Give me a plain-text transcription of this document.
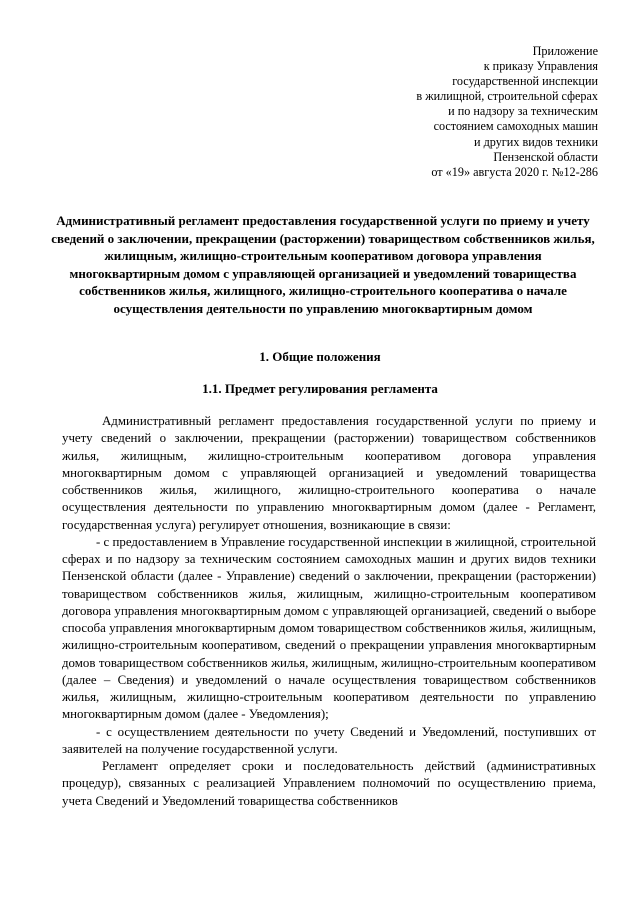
Приложение
к приказу Управления
государственной инспекции
в жилищной, строительной сферах
и по надзору за техническим
состоянием самоходных машин
и других видов техники
Пензенской области
от «19» августа 2020 г. №12-286
Административный регламент предоставления государственной услуги по приему и учету сведений о заключении, прекращении (расторжении) товариществом собственников жилья, жилищным, жилищно-строительным кооперативом договора управления многоквартирным домом с управляющей организацией и уведомлений товарищества собственников жилья, жилищного, жилищно-строительного кооператива о начале осуществления деятельности по управлению многоквартирным домом
1. Общие положения
1.1. Предмет регулирования регламента

Административный регламент предоставления государственной услуги по приему и учету сведений о заключении, прекращении (расторжении) товариществом собственников жилья, жилищным, жилищно-строительным кооперативом договора управления многоквартирным домом с управляющей организацией и уведомлений товарищества собственников жилья, жилищного, жилищно-строительного кооператива о начале осуществления деятельности по управлению многоквартирным домом (далее - Регламент, государственная услуга) регулирует отношения, возникающие в связи:

- с предоставлением в Управление государственной инспекции в жилищной, строительной сферах и по надзору за техническим состоянием самоходных машин и других видов техники Пензенской области (далее - Управление) сведений о заключении, прекращении (расторжении) товариществом собственников жилья, жилищным, жилищно-строительным кооперативом договора управления многоквартирным домом с управляющей организацией, сведений о выборе способа управления многоквартирным домом товариществом собственников жилья, жилищным, жилищно-строительным кооперативом, сведений о прекращении управления многоквартирным домов товариществом собственников жилья, жилищным, жилищно-строительным кооперативом (далее – Сведения) и уведомлений о начале осуществления товариществом собственников жилья, жилищным, жилищно-строительным кооперативом деятельности по управлению многоквартирным домом (далее - Уведомления);

- с осуществлением деятельности по учету Сведений и Уведомлений, поступивших от заявителей на получение государственной услуги.

Регламент определяет сроки и последовательность действий (административных процедур), связанных с реализацией Управлением полномочий по осуществлению приема, учета Сведений и Уведомлений товарищества собственников
